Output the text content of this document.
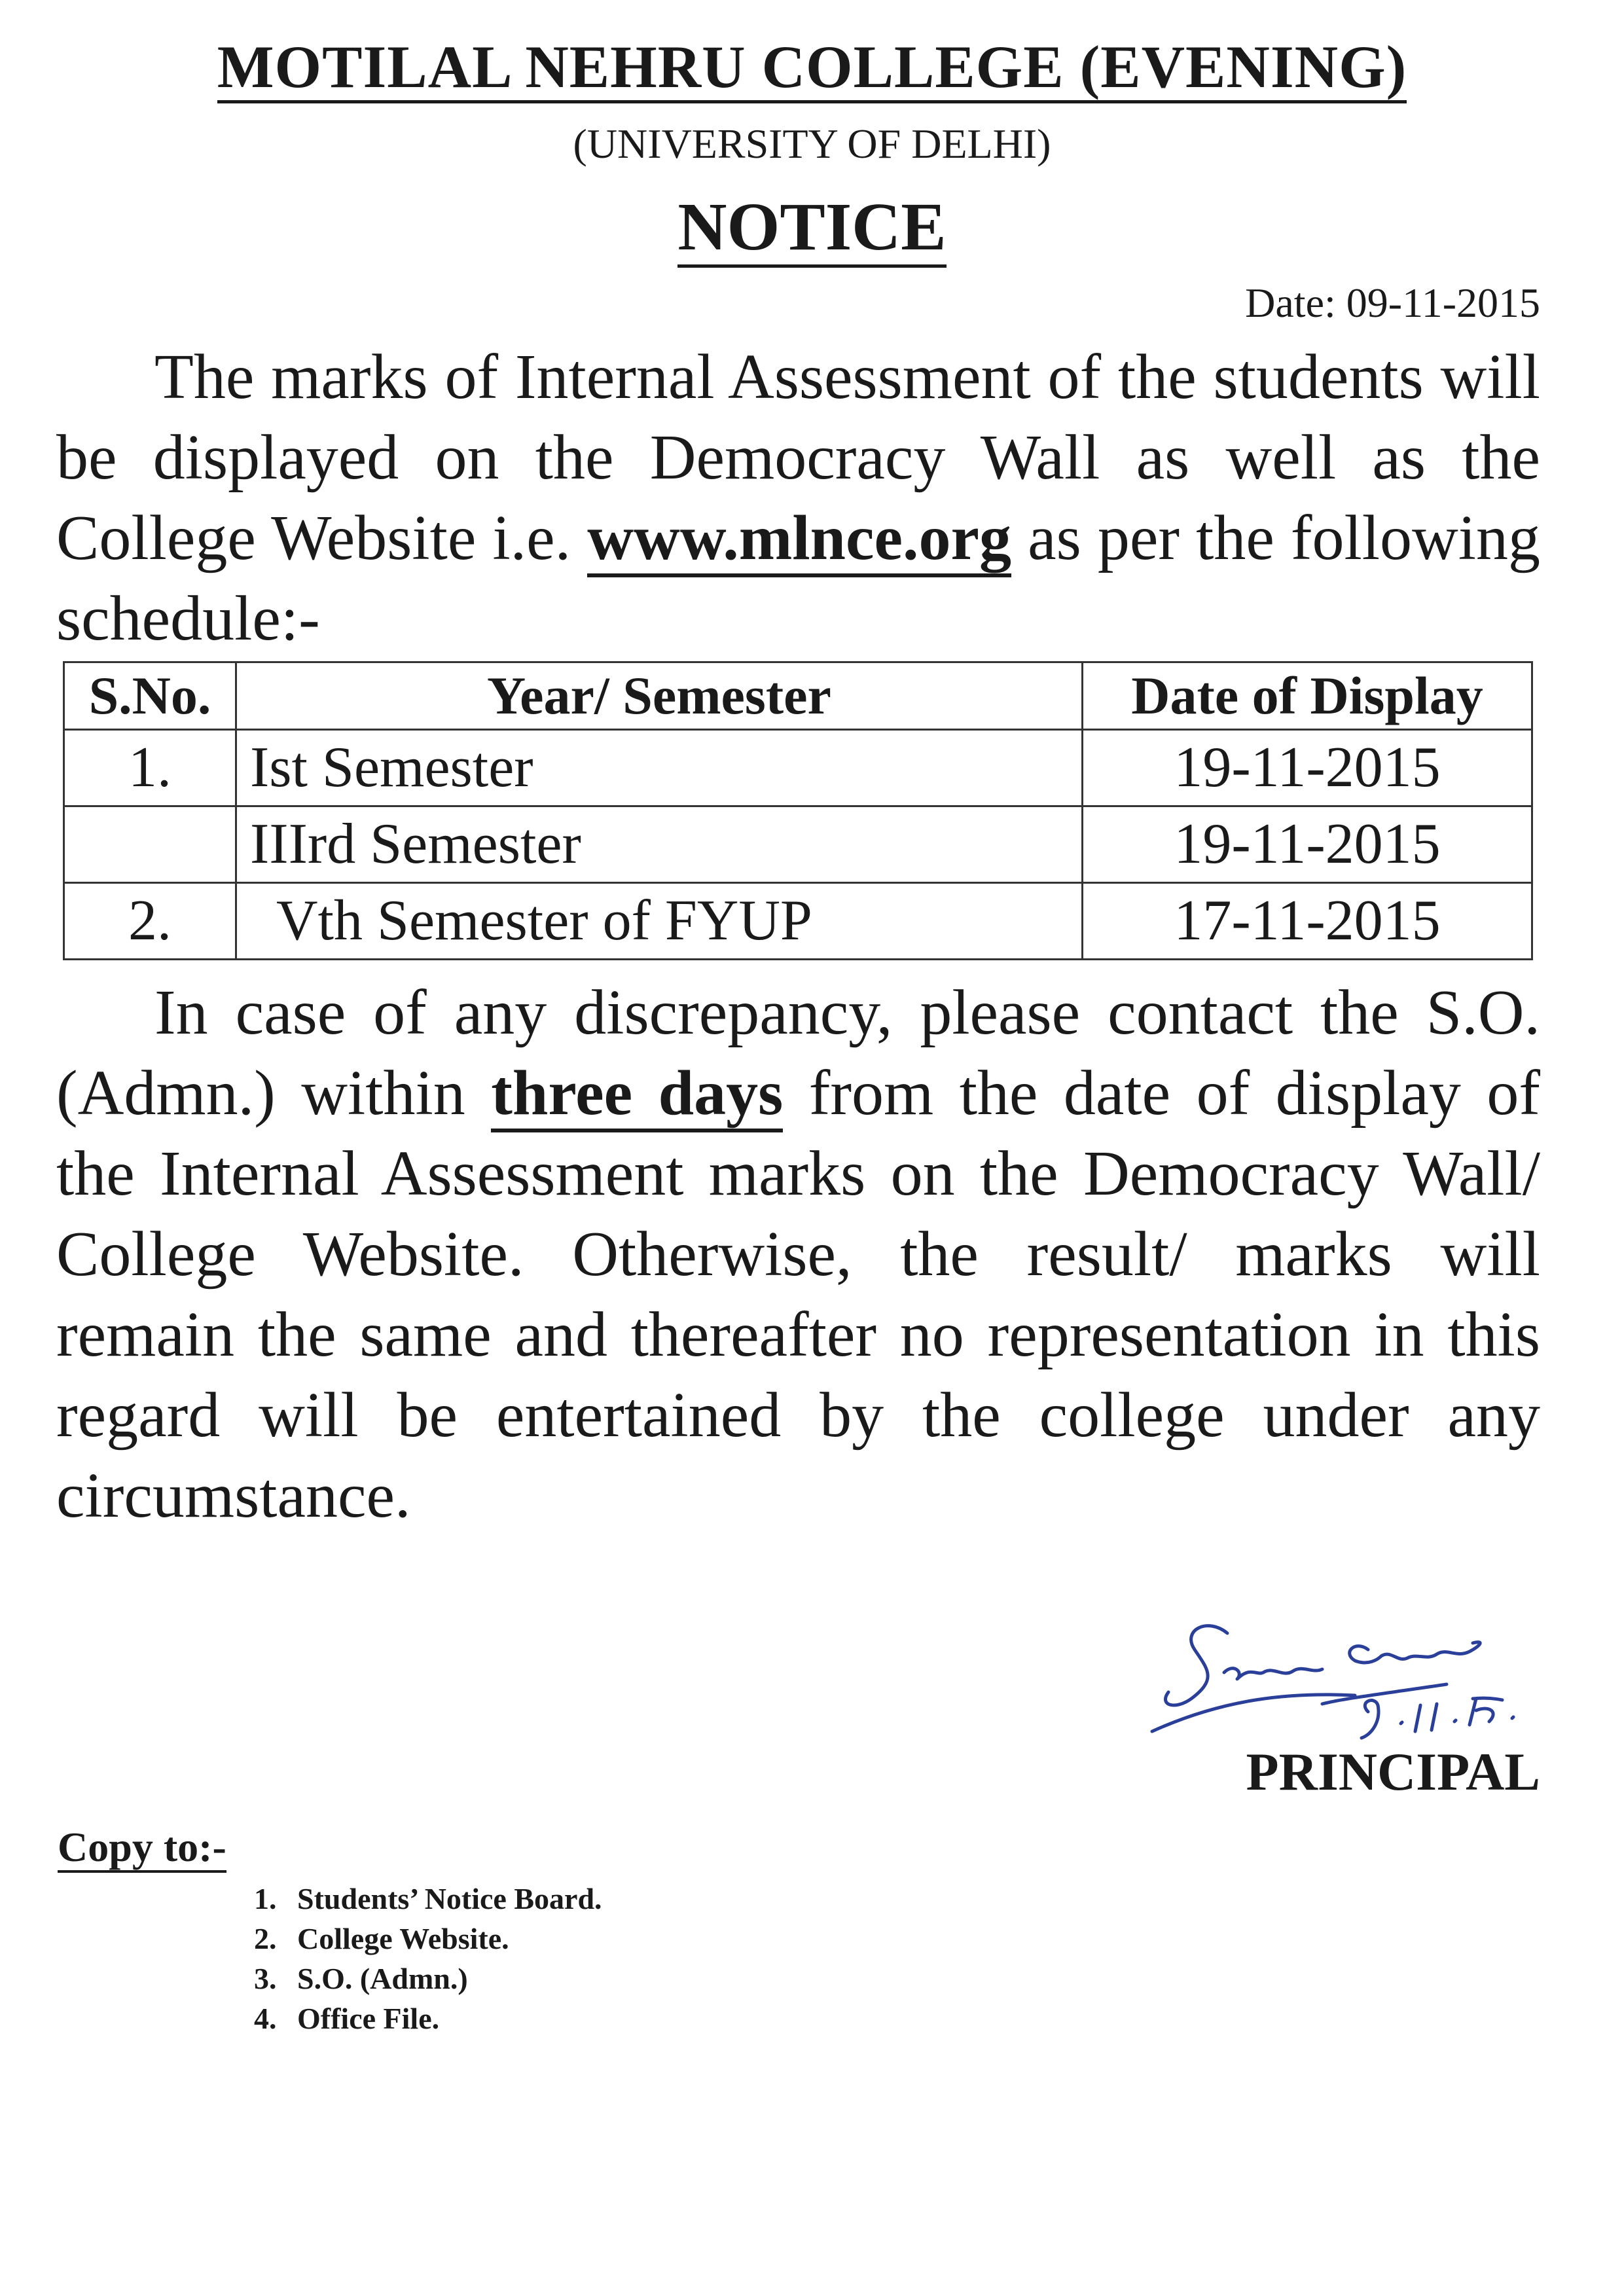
MOTILAL NEHRU COLLEGE (EVENING)
(UNIVERSITY OF DELHI)
NOTICE
Date: 09-11-2015
The marks of Internal Assessment of the students will be displayed on the Democracy Wall as well as the College Website i.e. www.mlnce.org as per the following schedule:-
S.No.	Year/ Semester	Date of Display
1.	Ist Semester	19-11-2015
	IIIrd Semester	19-11-2015
2.	Vth Semester of FYUP	17-11-2015
In case of any discrepancy, please contact the S.O. (Admn.) within three days from the date of display of the Internal Assessment marks on the Democracy Wall/ College Website. Otherwise, the result/ marks will remain the same and thereafter no representation in this regard will be entertained by the college under any circumstance.
PRINCIPAL
Copy to:-
1. Students’ Notice Board.
2. College Website.
3. S.O. (Admn.)
4. Office File.
